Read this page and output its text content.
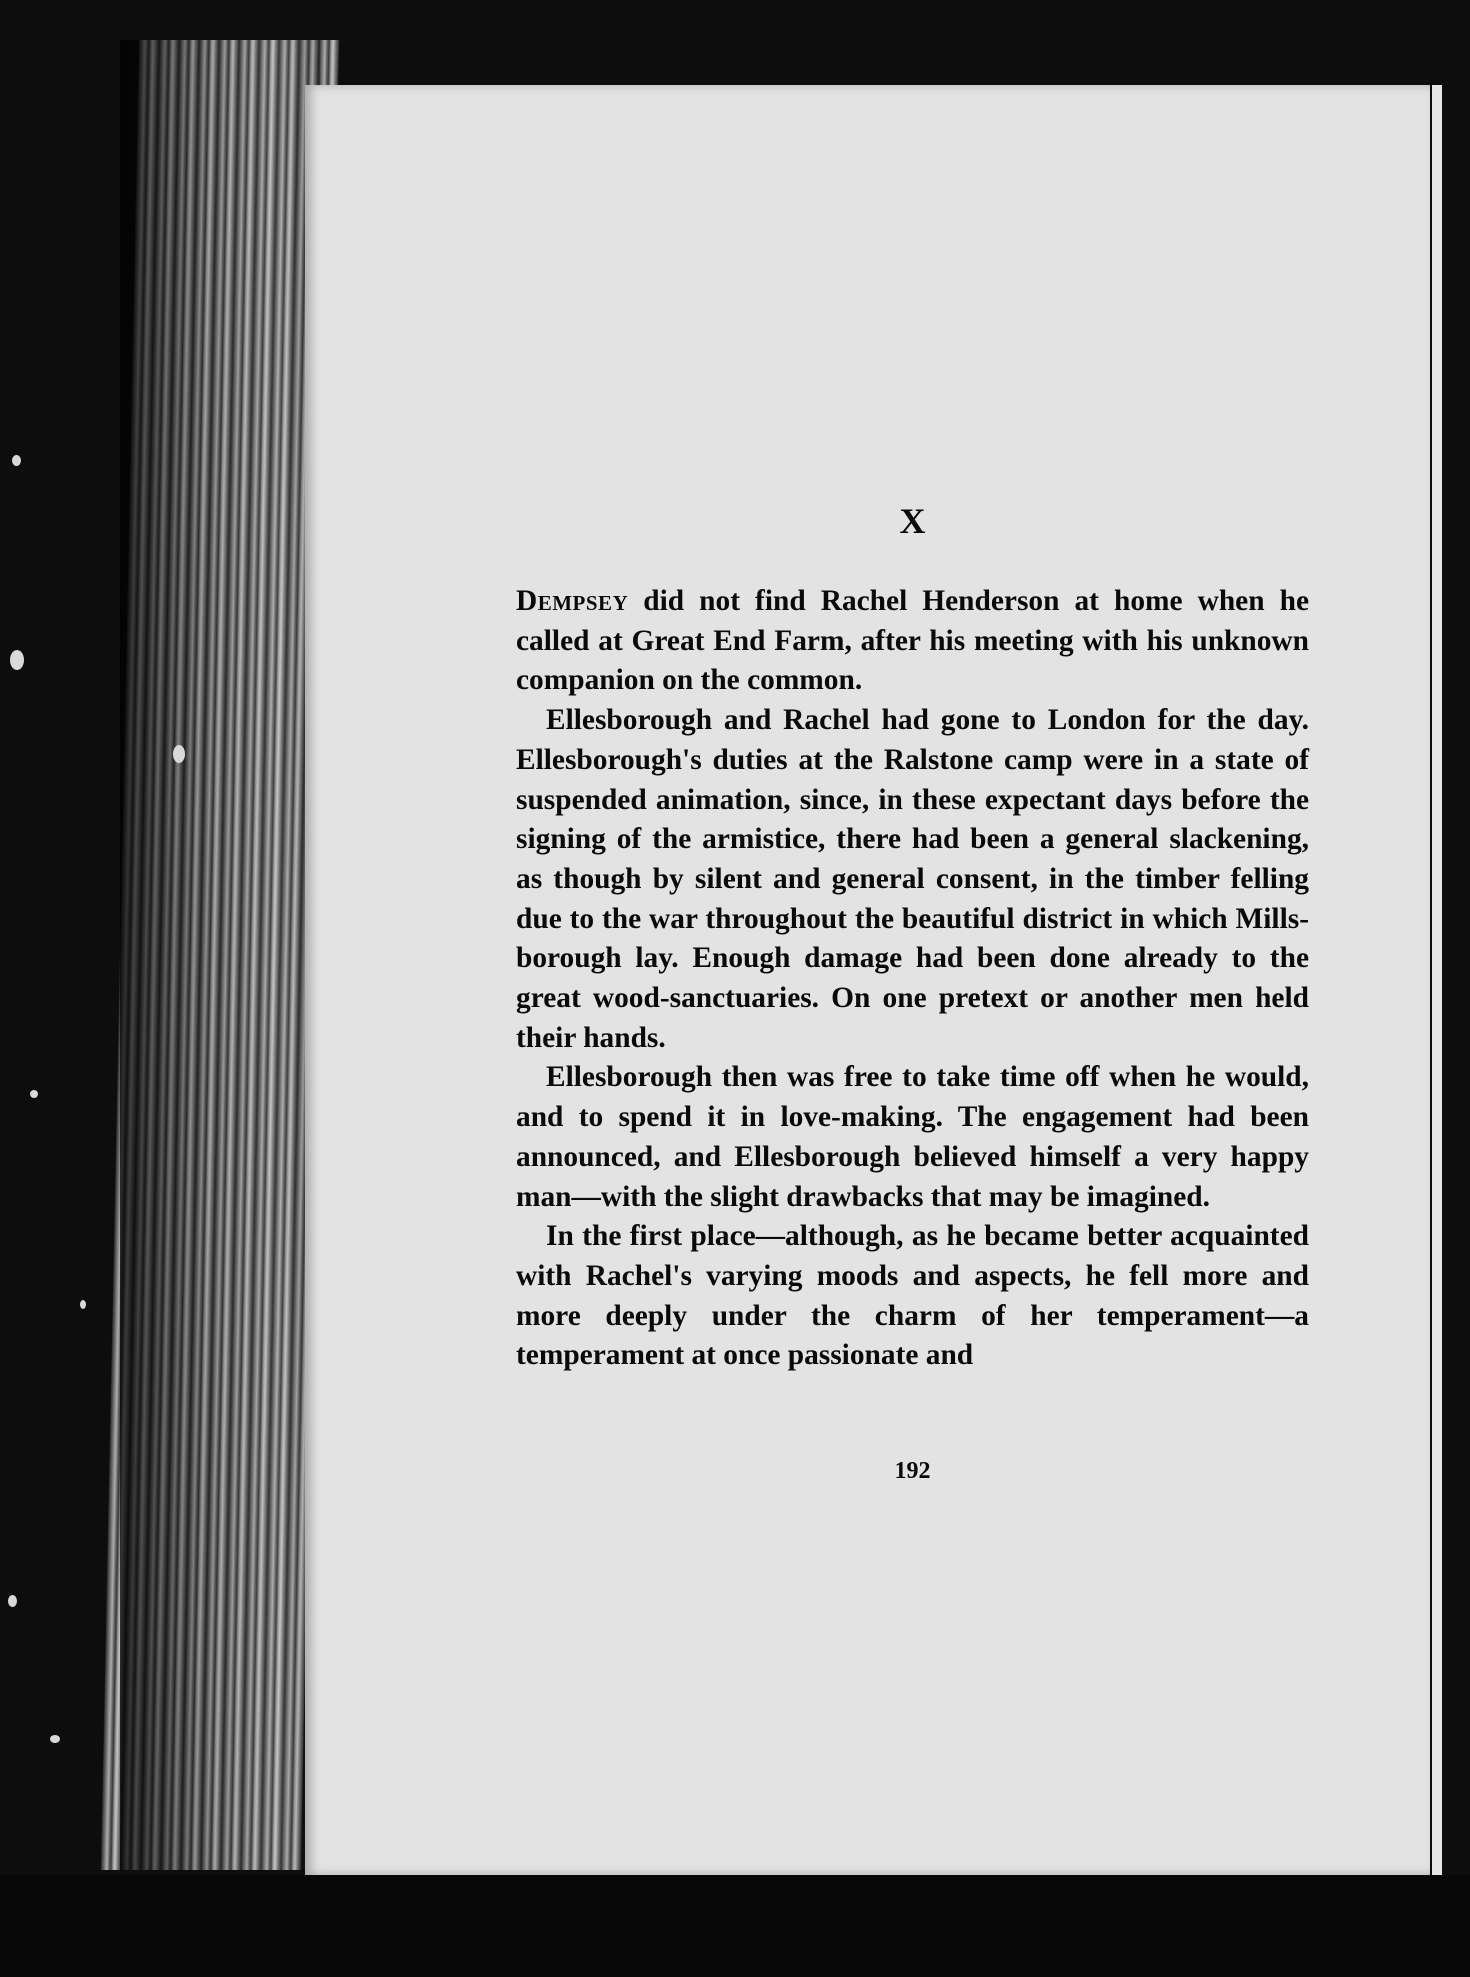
X

Dempsey did not find Rachel Henderson at home when he called at Great End Farm, after his meeting with his unknown companion on the common.

Ellesborough and Rachel had gone to London for the day. Ellesborough's duties at the Ralstone camp were in a state of suspended animation, since, in these expectant days before the signing of the armistice, there had been a general slackening, as though by silent and general consent, in the timber felling due to the war throughout the beautiful district in which Millsborough lay. Enough damage had been done already to the great wood-sanctuaries. On one pretext or another men held their hands.

Ellesborough then was free to take time off when he would, and to spend it in love-making. The engagement had been announced, and Ellesborough believed himself a very happy man—with the slight drawbacks that may be imagined.

In the first place—although, as he became better acquainted with Rachel's varying moods and aspects, he fell more and more deeply under the charm of her temperament—a temperament at once passionate and

192
